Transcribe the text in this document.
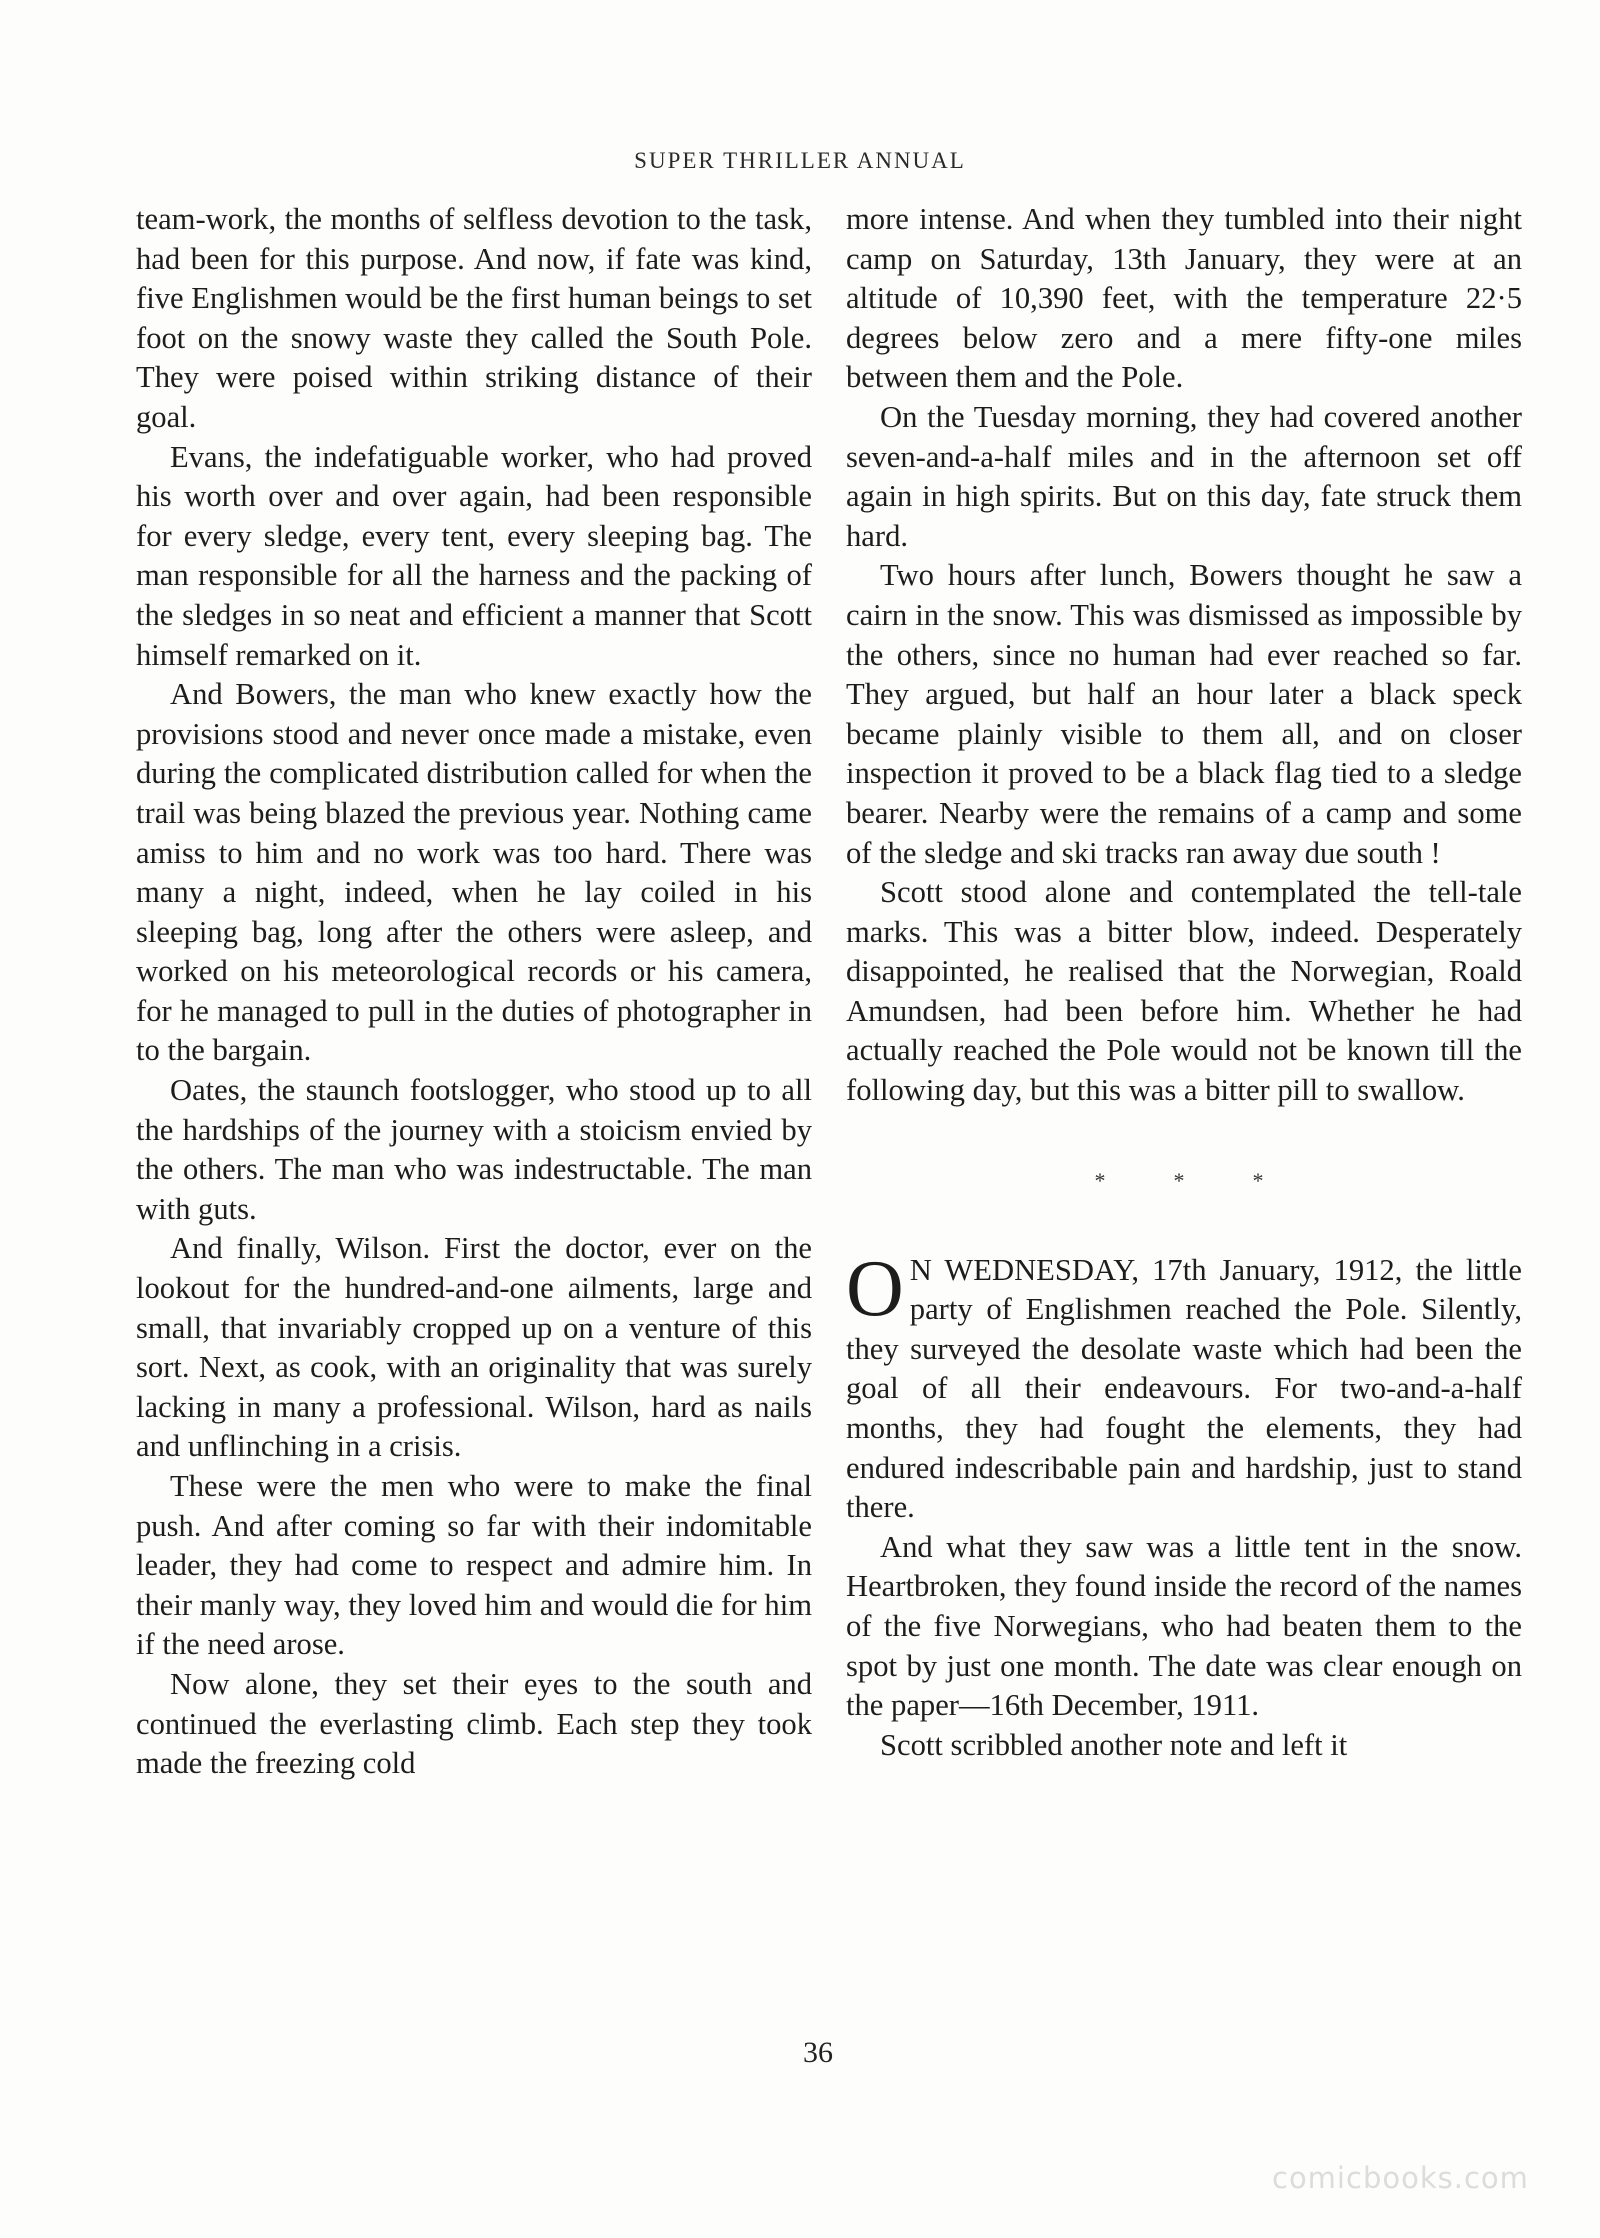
SUPER THRILLER ANNUAL

team-work, the months of selfless devotion to the task, had been for this purpose. And now, if fate was kind, five Englishmen would be the first human beings to set foot on the snowy waste they called the South Pole. They were poised within striking distance of their goal.

Evans, the indefatiguable worker, who had proved his worth over and over again, had been responsible for every sledge, every tent, every sleeping bag. The man responsible for all the harness and the packing of the sledges in so neat and efficient a manner that Scott himself remarked on it.

And Bowers, the man who knew exactly how the provisions stood and never once made a mistake, even during the complicated distribution called for when the trail was being blazed the previous year. Nothing came amiss to him and no work was too hard. There was many a night, indeed, when he lay coiled in his sleeping bag, long after the others were asleep, and worked on his meteorological records or his camera, for he managed to pull in the duties of photographer in to the bargain.

Oates, the staunch footslogger, who stood up to all the hardships of the journey with a stoicism envied by the others. The man who was indestructable. The man with guts.

And finally, Wilson. First the doctor, ever on the lookout for the hundred-and-one ailments, large and small, that invariably cropped up on a venture of this sort. Next, as cook, with an originality that was surely lacking in many a professional. Wilson, hard as nails and unflinching in a crisis.

These were the men who were to make the final push. And after coming so far with their indomitable leader, they had come to respect and admire him. In their manly way, they loved him and would die for him if the need arose.

Now alone, they set their eyes to the south and continued the everlasting climb. Each step they took made the freezing cold

more intense. And when they tumbled into their night camp on Saturday, 13th January, they were at an altitude of 10,390 feet, with the temperature 22·5 degrees below zero and a mere fifty-one miles between them and the Pole.

On the Tuesday morning, they had covered another seven-and-a-half miles and in the afternoon set off again in high spirits. But on this day, fate struck them hard.

Two hours after lunch, Bowers thought he saw a cairn in the snow. This was dismissed as impossible by the others, since no human had ever reached so far. They argued, but half an hour later a black speck became plainly visible to them all, and on closer inspection it proved to be a black flag tied to a sledge bearer. Nearby were the remains of a camp and some of the sledge and ski tracks ran away due south !

Scott stood alone and contemplated the tell-tale marks. This was a bitter blow, indeed. Desperately disappointed, he realised that the Norwegian, Roald Amundsen, had been before him. Whether he had actually reached the Pole would not be known till the following day, but this was a bitter pill to swallow.

*	*	*

O N WEDNESDAY, 17th January, 1912, the little party of Englishmen reached the Pole. Silently, they surveyed the desolate waste which had been the goal of all their endeavours. For two-and-a-half months, they had fought the elements, they had endured indescribable pain and hardship, just to stand there.

And what they saw was a little tent in the snow. Heartbroken, they found inside the record of the names of the five Norwegians, who had beaten them to the spot by just one month. The date was clear enough on the paper—16th December, 1911.

Scott scribbled another note and left it

36
comicbooks.com
